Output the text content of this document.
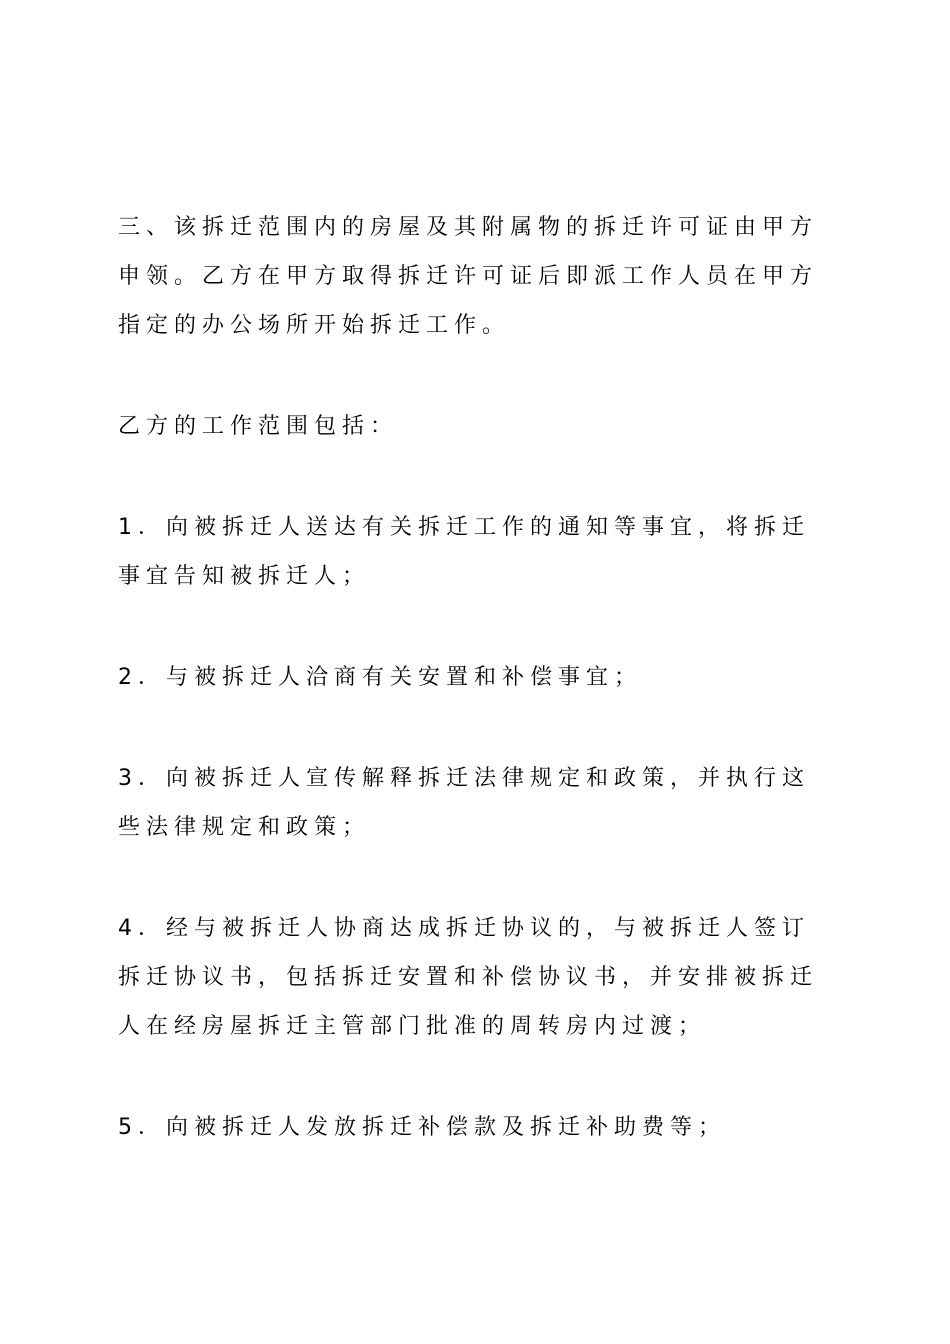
三、该拆迁范围内的房屋及其附属物的拆迁许可证由甲方申领。乙方在甲方取得拆迁许可证后即派工作人员在甲方指定的办公场所开始拆迁工作。

乙方的工作范围包括：

1．向被拆迁人送达有关拆迁工作的通知等事宜，将拆迁事宜告知被拆迁人；

2．与被拆迁人洽商有关安置和补偿事宜；

3．向被拆迁人宣传解释拆迁法律规定和政策，并执行这些法律规定和政策；

4．经与被拆迁人协商达成拆迁协议的，与被拆迁人签订拆迁协议书，包括拆迁安置和补偿协议书，并安排被拆迁人在经房屋拆迁主管部门批准的周转房内过渡；

5．向被拆迁人发放拆迁补偿款及拆迁补助费等；
